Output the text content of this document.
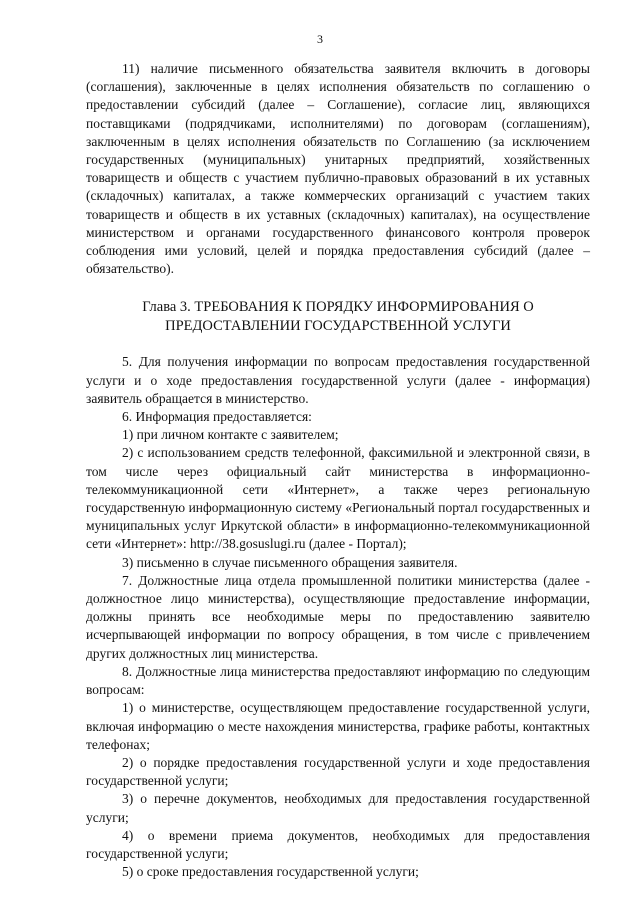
3

11) наличие письменного обязательства заявителя включить в договоры (соглашения), заключенные в целях исполнения обязательств по соглашению о предоставлении субсидий (далее – Соглашение), согласие лиц, являющихся поставщиками (подрядчиками, исполнителями) по договорам (соглашениям), заключенным в целях исполнения обязательств по Соглашению (за исключением государственных (муниципальных) унитарных предприятий, хозяйственных товариществ и обществ с участием публично-правовых образований в их уставных (складочных) капиталах, а также коммерческих организаций с участием таких товариществ и обществ в их уставных (складочных) капиталах), на осуществление министерством и органами государственного финансового контроля проверок соблюдения ими условий, целей и порядка предоставления субсидий (далее – обязательство).

Глава 3. ТРЕБОВАНИЯ К ПОРЯДКУ ИНФОРМИРОВАНИЯ О ПРЕДОСТАВЛЕНИИ ГОСУДАРСТВЕННОЙ УСЛУГИ

5. Для получения информации по вопросам предоставления государственной услуги и о ходе предоставления государственной услуги (далее - информация) заявитель обращается в министерство.

6. Информация предоставляется:

1) при личном контакте с заявителем;

2) с использованием средств телефонной, факсимильной и электронной связи, в том числе через официальный сайт министерства в информационно-телекоммуникационной сети «Интернет», а также через региональную государственную информационную систему «Региональный портал государственных и муниципальных услуг Иркутской области» в информационно-телекоммуникационной сети «Интернет»: http://38.gosuslugi.ru (далее - Портал);

3) письменно в случае письменного обращения заявителя.

7. Должностные лица отдела промышленной политики министерства (далее - должностное лицо министерства), осуществляющие предоставление информации, должны принять все необходимые меры по предоставлению заявителю исчерпывающей информации по вопросу обращения, в том числе с привлечением других должностных лиц министерства.

8. Должностные лица министерства предоставляют информацию по следующим вопросам:

1) о министерстве, осуществляющем предоставление государственной услуги, включая информацию о месте нахождения министерства, графике работы, контактных телефонах;

2) о порядке предоставления государственной услуги и ходе предоставления государственной услуги;

3) о перечне документов, необходимых для предоставления государственной услуги;

4) о времени приема документов, необходимых для предоставления государственной услуги;

5) о сроке предоставления государственной услуги;
